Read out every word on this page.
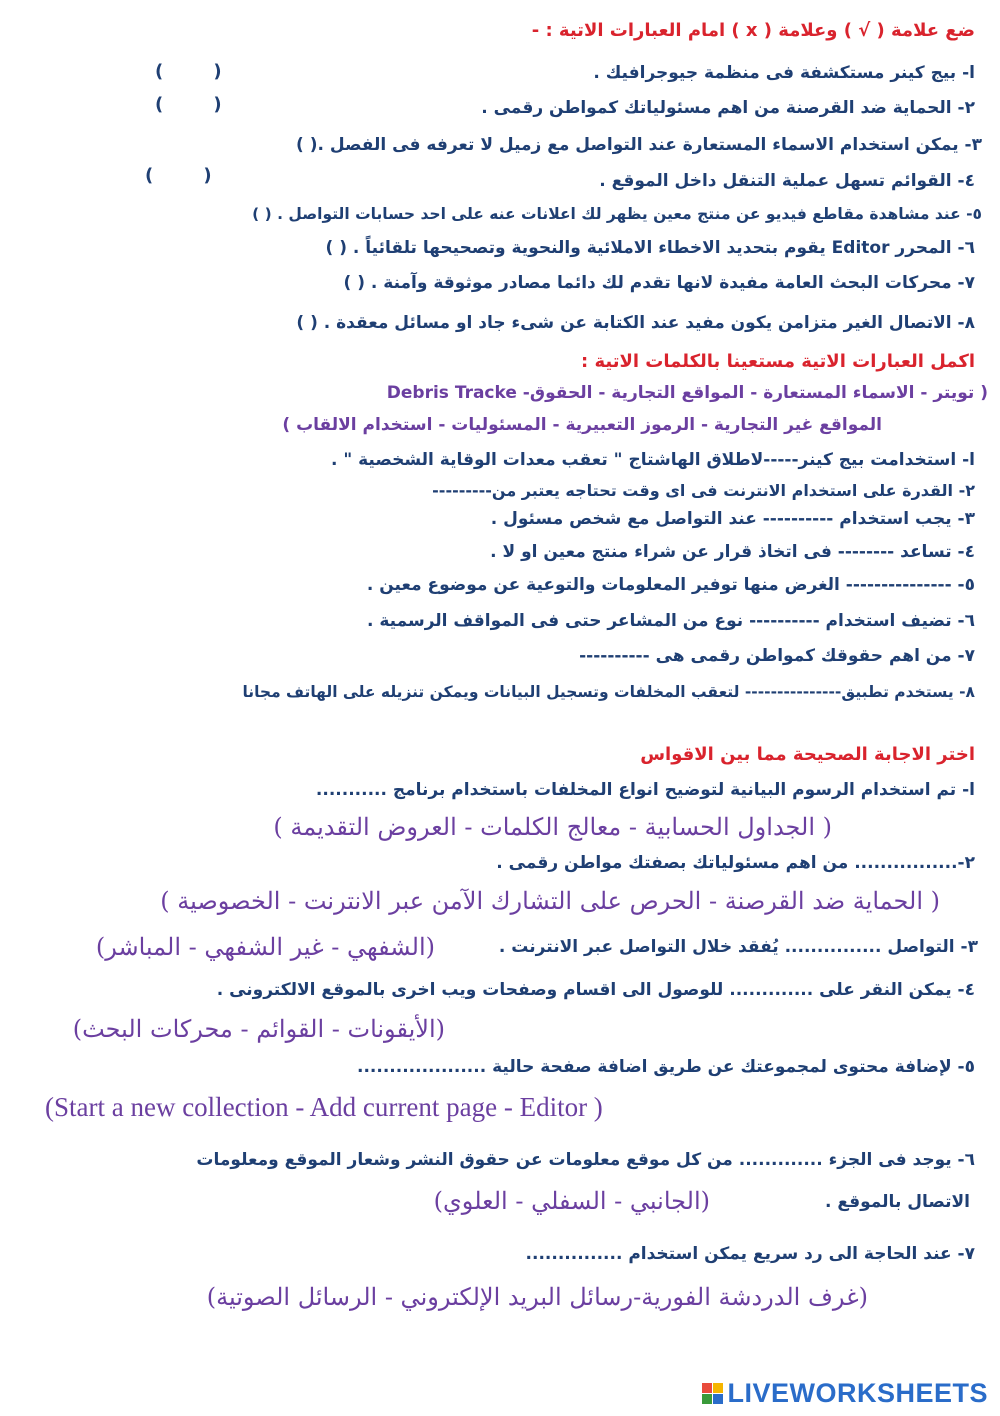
ضع علامة ( √ ) وعلامة ( x ) امام العبارات الاتية : -
ا- بيج كينر مستكشفة فى منظمة جيوجرافيك .
(        )
٢- الحماية ضد القرصنة من اهم مسئولياتك كمواطن رقمى .
(        )
٣- يمكن استخدام الاسماء المستعارة عند التواصل مع زميل لا تعرفه فى الفصل .( )
٤- القوائم تسهل عملية التنقل داخل الموقع .
(        )
٥- عند مشاهدة مقاطع فيديو عن منتج معين يظهر لك اعلانات عنه على احد حسابات التواصل . ( )
٦- المحرر Editor يقوم بتحديد الاخطاء الاملائية والنحوية وتصحيحها تلقائياً . ( )
٧- محركات البحث العامة مفيدة لانها تقدم لك دائما مصادر موثوقة وآمنة . ( )
٨- الاتصال الغير متزامن يكون مفيد عند الكتابة عن شىء جاد او مسائل معقدة . ( )
اكمل العبارات الاتية مستعينا بالكلمات الاتية :
( تويتر - الاسماء المستعارة - المواقع التجارية - الحقوق- Debris Tracke
المواقع غير التجارية - الرموز التعبيرية - المسئوليات - استخدام الالقاب )
ا- استخدامت بيج كينر-----لاطلاق الهاشتاج " تعقب معدات الوقاية الشخصية " .
٢- القدرة على استخدام الانترنت فى اى وقت تحتاجه يعتبر من---------
٣- يجب استخدام ---------- عند التواصل مع شخص مسئول .
٤- تساعد -------- فى اتخاذ قرار عن شراء منتج معين او لا .
٥- --------------- الغرض منها توفير المعلومات والتوعية عن موضوع معين .
٦- تضيف استخدام ---------- نوع من المشاعر حتى فى المواقف الرسمية .
٧- من اهم حقوقك كمواطن رقمى هى ----------
٨- يستخدم تطبيق--------------- لتعقب المخلفات وتسجيل البيانات ويمكن تنزيله على الهاتف مجانا
اختر الاجابة الصحيحة مما بين الاقواس
ا- تم استخدام الرسوم البيانية لتوضيح انواع المخلفات باستخدام برنامج ...........
( الجداول الحسابية - معالج الكلمات - العروض التقديمة )
٢-................ من اهم مسئولياتك بصفتك مواطن رقمى .
( الحماية ضد القرصنة - الحرص على التشارك الآمن عبر الانترنت - الخصوصية )
٣- التواصل ............... يُفقد خلال التواصل عبر الانترنت .
(الشفهي - غير الشفهي - المباشر)
٤- يمكن النقر على ............. للوصول الى اقسام وصفحات ويب اخرى بالموقع الالكترونى .
(الأيقونات - القوائم - محركات البحث)
٥- لإضافة محتوى لمجموعتك عن طريق اضافة صفحة حالية ....................
(Start a new collection - Add current page - Editor )
٦- يوجد فى الجزء ............. من كل موقع معلومات عن حقوق النشر وشعار الموقع ومعلومات
الاتصال بالموقع .
(الجانبي - السفلي - العلوي)
٧- عند الحاجة الى رد سريع يمكن استخدام ...............
(غرف الدردشة الفورية-رسائل البريد الإلكتروني - الرسائل الصوتية)
LIVEWORKSHEETS
